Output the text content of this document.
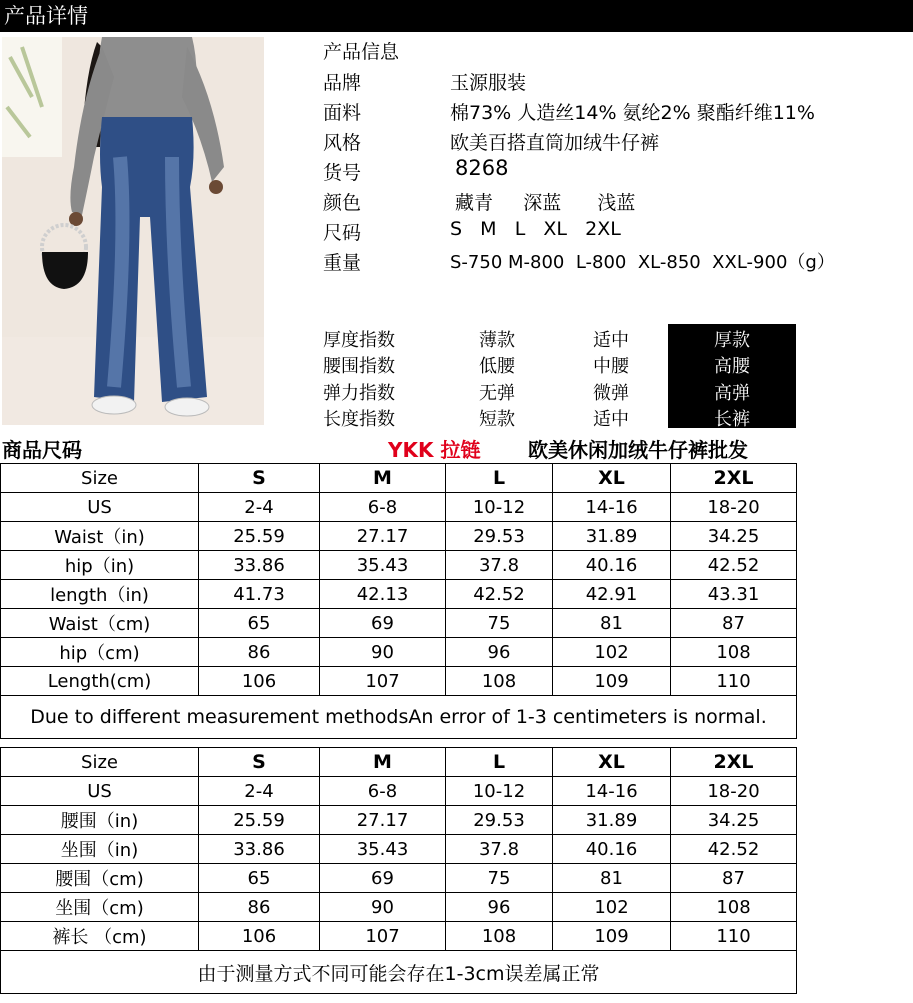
产品详情
产品信息
品牌	玉源服装
面料	棉73% 人造丝14% 氨纶2% 聚酯纤维11%
风格	欧美百搭直筒加绒牛仔裤
货号	8268
颜色	藏青     深蓝      浅蓝
尺码	S   M   L   XL   2XL
重量	S-750 M-800  L-800  XL-850  XXL-900（g）
厚度指数	薄款	适中	厚款
腰围指数	低腰	中腰	高腰
弹力指数	无弹	微弹	高弹
长度指数	短款	适中	长裤
商品尺码	YKK 拉链 欧美休闲加绒牛仔裤批发
Size	S	M	L	XL	2XL
US	2-4	6-8	10-12	14-16	18-20
Waist（in)	25.59	27.17	29.53	31.89	34.25
hip（in)	33.86	35.43	37.8	40.16	42.52
length（in)	41.73	42.13	42.52	42.91	43.31
Waist（cm)	65	69	75	81	87
hip（cm)	86	90	96	102	108
Length(cm)	106	107	108	109	110
Due to different measurement methodsAn error of 1-3 centimeters is normal.					
Size	S	M	L	XL	2XL
US	2-4	6-8	10-12	14-16	18-20
腰围（in)	25.59	27.17	29.53	31.89	34.25
坐围（in)	33.86	35.43	37.8	40.16	42.52
腰围（cm)	65	69	75	81	87
坐围（cm)	86	90	96	102	108
裤长 （cm)	106	107	108	109	110
由于测量方式不同可能会存在1-3cm误差属正常					
